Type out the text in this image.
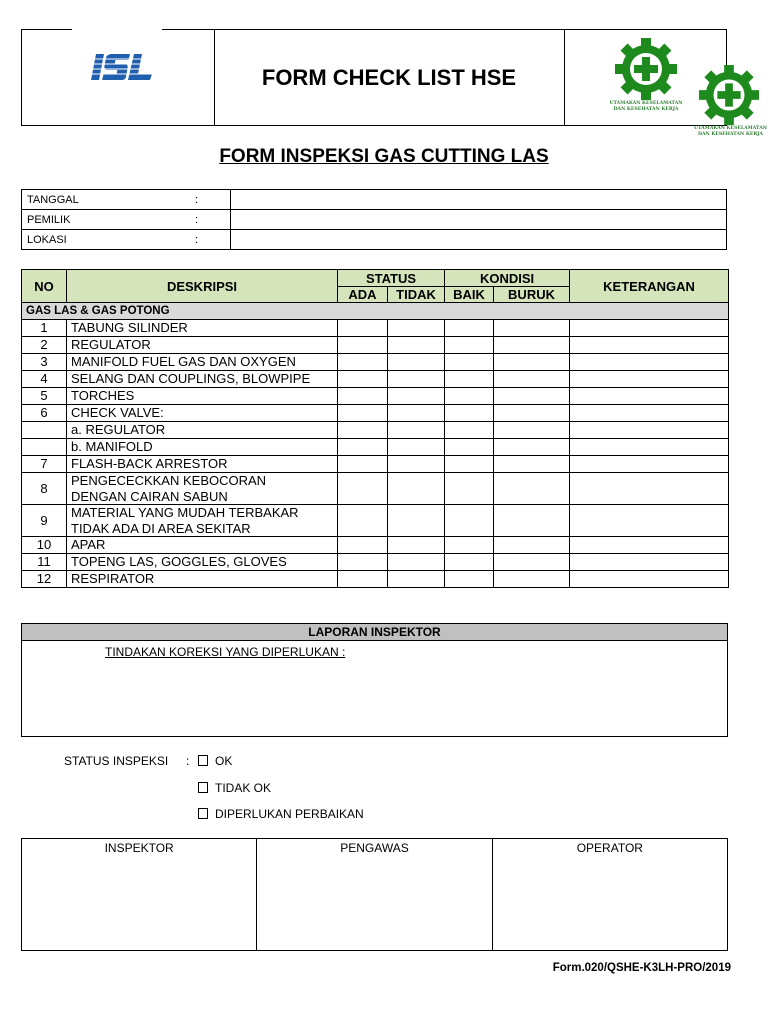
FORM CHECK LIST HSE
UTAMAKAN KESELAMATAN
DAN KESEHATAN KERJA
UTAMAKAN KESELAMATAN
DAN KESEHATAN KERJA
FORM INSPEKSI GAS CUTTING LAS
TANGGAL	:	
PEMILIK	:	
LOKASI	:	
NO	DESKRIPSI	STATUS		KONDISI		KETERANGAN
		ADA	TIDAK	BAIK	BURUK	
GAS LAS & GAS POTONG						
1	TABUNG SILINDER					

2	REGULATOR					

3	MANIFOLD FUEL GAS DAN OXYGEN					

4	SELANG DAN COUPLINGS, BLOWPIPE					

5	TORCHES					

6	CHECK VALVE:					

	a. REGULATOR					

	b. MANIFOLD					

7	FLASH-BACK ARRESTOR					

8	PENGECECKKAN KEBOCORAN
DENGAN CAIRAN SABUN					

9	MATERIAL YANG MUDAH TERBAKAR
TIDAK ADA DI AREA SEKITAR					

10	APAR					

11	TOPENG LAS, GOGGLES, GLOVES					

12	RESPIRATOR					

LAPORAN INSPEKTOR
TINDAKAN KOREKSI YANG DIPERLUKAN :
STATUS INSPEKSI :	OK
TIDAK OK
DIPERLUKAN PERBAIKAN
INSPEKTOR	PENGAWAS	OPERATOR
Form.020/QSHE-K3LH-PRO/2019
